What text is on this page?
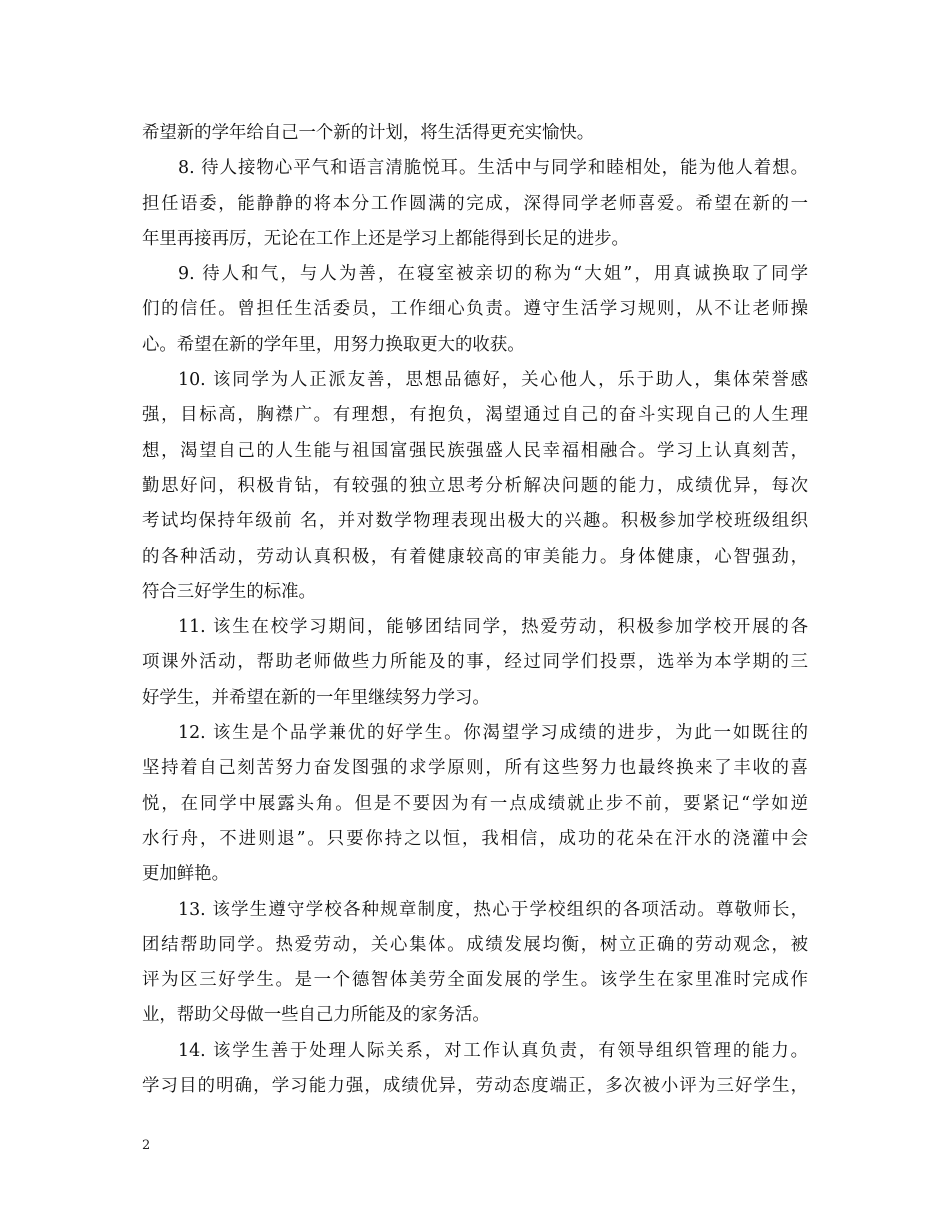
希望新的学年给自己一个新的计划，将生活得更充实愉快。
8. 待人接物心平气和语言清脆悦耳。生活中与同学和睦相处，能为他人着想。
担任语委，能静静的将本分工作圆满的完成，深得同学老师喜爱。希望在新的一
年里再接再厉，无论在工作上还是学习上都能得到长足的进步。
9. 待人和气，与人为善，在寝室被亲切的称为“大姐”，用真诚换取了同学
们的信任。曾担任生活委员，工作细心负责。遵守生活学习规则，从不让老师操
心。希望在新的学年里，用努力换取更大的收获。
10. 该同学为人正派友善，思想品德好，关心他人，乐于助人，集体荣誉感
强，目标高，胸襟广。有理想，有抱负，渴望通过自己的奋斗实现自己的人生理
想，渴望自己的人生能与祖国富强民族强盛人民幸福相融合。学习上认真刻苦，
勤思好问，积极肯钻，有较强的独立思考分析解决问题的能力，成绩优异，每次
考试均保持年级前 名，并对数学物理表现出极大的兴趣。积极参加学校班级组织
的各种活动，劳动认真积极，有着健康较高的审美能力。身体健康，心智强劲，
符合三好学生的标准。
11. 该生在校学习期间，能够团结同学，热爱劳动，积极参加学校开展的各
项课外活动，帮助老师做些力所能及的事，经过同学们投票，选举为本学期的三
好学生，并希望在新的一年里继续努力学习。
12. 该生是个品学兼优的好学生。你渴望学习成绩的进步，为此一如既往的
坚持着自己刻苦努力奋发图强的求学原则，所有这些努力也最终换来了丰收的喜
悦，在同学中展露头角。但是不要因为有一点成绩就止步不前，要紧记“学如逆
水行舟，不进则退”。只要你持之以恒，我相信，成功的花朵在汗水的浇灌中会
更加鲜艳。
13. 该学生遵守学校各种规章制度，热心于学校组织的各项活动。尊敬师长，
团结帮助同学。热爱劳动，关心集体。成绩发展均衡，树立正确的劳动观念，被
评为区三好学生。是一个德智体美劳全面发展的学生。该学生在家里准时完成作
业，帮助父母做一些自己力所能及的家务活。
14. 该学生善于处理人际关系，对工作认真负责，有领导组织管理的能力。
学习目的明确，学习能力强，成绩优异，劳动态度端正，多次被小评为三好学生，
2
